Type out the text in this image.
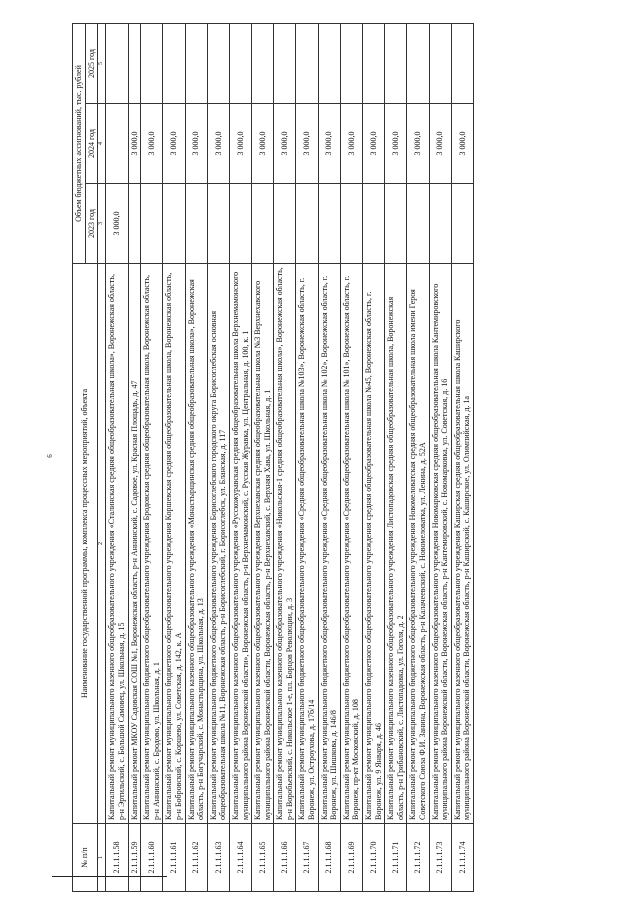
6
№ п/п	Наименование государственной программы, комплекса процессных мероприятий, объекта	Объем бюджетных ассигнований, тыс. рублей		
		2023 год	2024 год	2025 год
1	2	3	4	5
2.1.1.1.58	Капитальный ремонт муниципального казенного общеобразовательного учреждения «Сталинская средняя общеобразовательная школа», Воронежская область, р-н Эртильский, с. Большой Самовец, ул. Школьная, д. 15	3 000,0		
2.1.1.1.59	Капитальный ремонт МКОУ Садовская СОШ №1, Воронежская область, р-н Аннинский, с. Садовое, ул. Красная Площадь, д. 47		3 000,0	
2.1.1.1.60	Капитальный ремонт муниципального бюджетного общеобразовательного учреждения Бродовская средняя общеобразовательная школа, Воронежская область, р-н Аннинский, с. Бродово, ул. Школьная, д. 1		3 000,0	
2.1.1.1.61	Капитальный ремонт муниципального бюджетного общеобразовательного учреждения Коршевская средняя общеобразовательная школа, Воронежская область, р-н Бобровский, с. Коршево, ул. Советская, д. 142, к. А		3 000,0	
2.1.1.1.62	Капитальный ремонт муниципального казенного общеобразовательного учреждения «Монастырщинская средняя общеобразовательная школа», Воронежская область, р-н Богучарский, с. Монастырщина, ул. Школьная, д. 13		3 000,0	
2.1.1.1.63	Капитальный ремонт муниципального бюджетного общеобразовательного учреждения Борисоглебского городского округа Борисоглебская основная общеобразовательная школа №11, Воронежская область, р-н Борисоглебский, г. Борисоглебск, ул. Бланская, д. 117		3 000,0	
2.1.1.1.64	Капитальный ремонт муниципального казенного общеобразовательного учреждения «Русскожуравская средняя общеобразовательная школа Верхнемамонского муниципального района Воронежской области», Воронежская область, р-н Верхнемамонский, с. Русская Журавка, ул. Центральная, д. 100, к. 1		3 000,0	
2.1.1.1.65	Капитальный ремонт муниципального казенного общеобразовательного учреждения Верхнехавская средняя общеобразовательная школа №3 Верхнехавского муниципального района Воронежской области, Воронежская область, р-н Верхнехавский, с. Верхняя Хава, ул. Школьная, д. 1		3 000,0	
2.1.1.1.66	Капитальный ремонт муниципального казенного общеобразовательного учреждения «Никольская-1 средняя общеобразовательная школа», Воронежская область, р-н Воробьевский, с. Никольское 1-е, пл. Борцов Революции, д. 3		3 000,0	
2.1.1.1.67	Капитальный ремонт муниципального бюджетного общеобразовательного учреждения «Средняя общеобразовательная школа №103», Воронежская область, г. Воронеж, ул. Остроухова, д. 17б/14		3 000,0	
2.1.1.1.68	Капитальный ремонт муниципального бюджетного общеобразовательного учреждения «Средняя общеобразовательная школа № 102», Воронежская область, г. Воронеж, ул. Шишкова, д. 146/8		3 000,0	
2.1.1.1.69	Капитальный ремонт муниципального бюджетного общеобразовательного учреждения «Средняя общеобразовательная школа № 101», Воронежская область, г. Воронеж, пр-кт Московский, д. 108		3 000,0	
2.1.1.1.70	Капитальный ремонт муниципального бюджетного общеобразовательного учреждения средняя общеобразовательная школа №45, Воронежская область, г. Воронеж, ул. 9 Января, д. 46		3 000,0	
2.1.1.1.71	Капитальный ремонт муниципального казенного общеобразовательного учреждения Листопадовская средняя общеобразовательная школа, Воронежская область, р-н Грибановский, с. Листопадовка, ул. Гоголя, д. 2		3 000,0	
2.1.1.1.72	Капитальный ремонт муниципального бюджетного общеобразовательного учреждения Новомеловатская средняя общеобразовательная школа имени Героя Советского Союза Ф.И. Занина, Воронежская область, р-н Калачеевский, с. Новомеловатка, ул. Ленина, д. 52А		3 000,0	
2.1.1.1.73	Капитальный ремонт муниципального казенного общеобразовательного учреждения Новомарковская средняя общеобразовательная школа Кантемировского муниципального района Воронежской области, Воронежская область, р-н Кантемировский, с. Новомарковка, ул. Советская, д. 16		3 000,0	
2.1.1.1.74	Капитальный ремонт муниципального казенного общеобразовательного учреждения Каширская средняя общеобразовательная школа Каширского муниципального района Воронежской области, Воронежская область, р-н Каширский, с. Каширское, ул. Олимпийская, д. 1а		3 000,0	
